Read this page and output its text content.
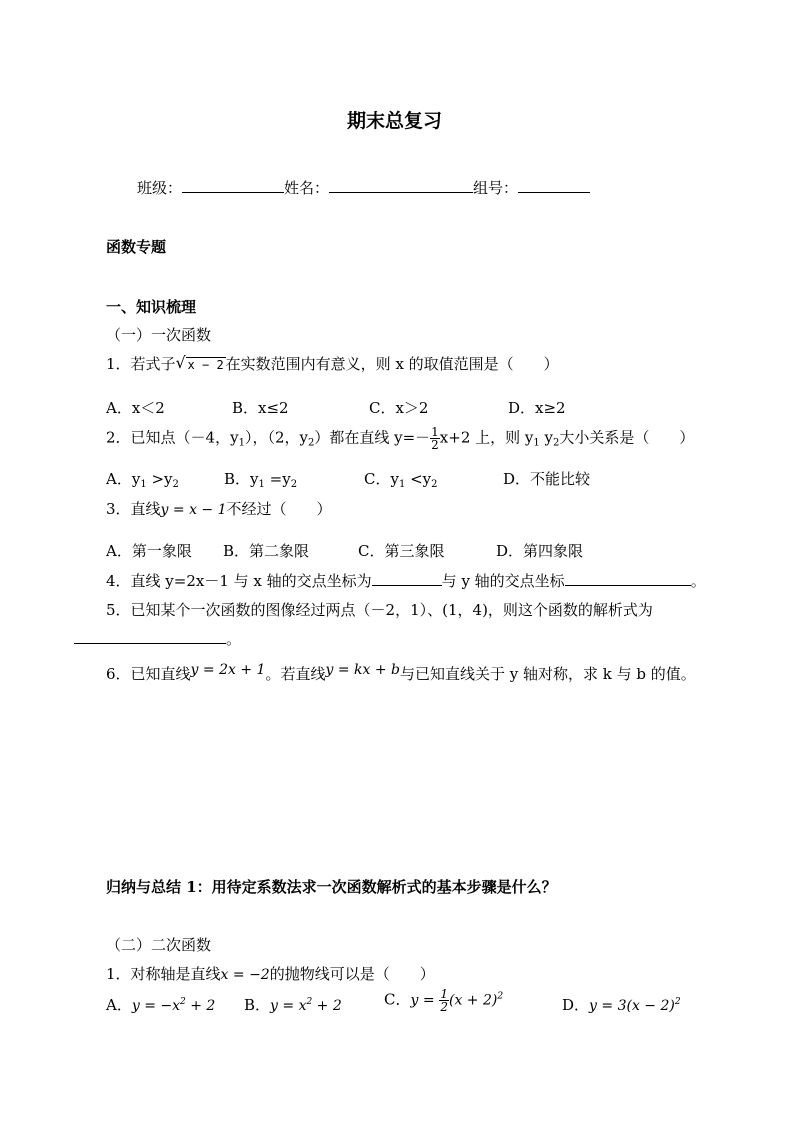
期末总复习
班级：	姓名：	组号：
函数专题
一、知识梳理
（一）一次函数
1．若式子 √ x − 2 在实数范围内有意义，则 x 的取值范围是（　　）
A．x＜2	B．x≤2	C．x＞2	D．x≥2
2．已知点（－4，$y_1$），（2，$y_2$）都在直线 $y=- \frac{1}{2} x+2$ 上，则 $y_1$ $y_2$大小关系是（　　）
A．$y_1 >y_2$	B．$y_1 =y_2$	C．$y_1 <y_2$	D．不能比较
3．直线y = x − 1不经过（　　）
A．第一象限 B．第二象限	C．第三象限	D．第四象限
4．直线 y=2x－1 与 x 轴的交点坐标为	与 y 轴的交点坐标	。
5．已知某个一次函数的图像经过两点（－2，1）、(1，4)，则这个函数的解析式为
。
6．已知直线y = 2x + 1。若直线y = kx + b与已知直线关于 y 轴对称，求 k 与 b 的值。
归纳与总结 1：用待定系数法求一次函数解析式的基本步骤是什么？
（二）二次函数
1．对称轴是直线x = −2的抛物线可以是（　　）
A．$y = -x^2 + 2$ B．$y = x^2 + 2$	C．$y = \frac{1}{2} (x + 2)^2$	D．$y = 3(x - 2)^2$
